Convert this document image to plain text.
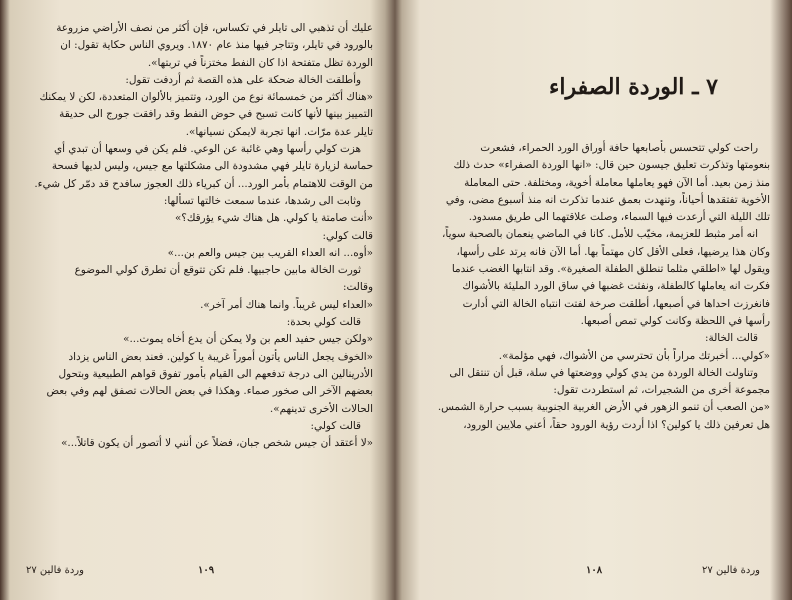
عليك أن تذهبي الى تايلر في تكساس، فإن أكثر من نصف الأراضي مزروعة
بالورود في تايلر، وتتاجر فيها منذ عام ١٨٧٠. ويروي الناس حكاية تقول: ان
الوردة تظل متفتحة اذا كان النفط مختزناً في تربتها».
وأطلقت الخالة ضحكة على هذه القصة ثم أردفت تقول:
«هناك أكثر من خمسمائة نوع من الورد، وتتميز بالألوان المتعددة، لكن لا يمكنك
التمييز بينها لأنها كانت تسبح في حوض النفط وقد رافقت جورج الى حديقة
تايلر عدة مرّات. انها تجربة لايمكن نسيانها».
هزت كولي رأسها وهي غائبة عن الوعي. فلم يكن في وسعها أن تبدي أي
حماسة لزيارة تايلر فهي مشدودة الى مشكلتها مع جيس، وليس لديها فسحة
من الوقت للاهتمام بأمر الورد... أن كبرياء ذلك العجوز سافدح قد دمّر كل شيء.
وثابت الى رشدها، عندما سمعت خالتها تسألها:
«أنت صامتة يا كولي. هل هناك شيء يؤرقك؟»
قالت كولي:
«أوه... انه العداء القريب بين جيس والعم بن...»
ثورت الخالة مابين حاجبيها. فلم تكن تتوقع أن تطرق كولي الموضوع
وقالت:
«العداء ليس غريباً. وانما هناك أمر آخر».
قالت كولي بحدة:
«ولكن جيس حفيد العم بن ولا يمكن أن يدع أخاه يموت...»
«الخوف يجعل الناس يأتون أموراً غريبة يا كولين. فعند بعض الناس يزداد
الأدرينالين الى درجة تدفعهم الى القيام بأمور تفوق قواهم الطبيعية وبتحول
بعضهم الآخر الى صخور صماء. وهكذا في بعض الحالات تصفق لهم وفي بعض
الحالات الأخرى تدينهم».
قالت كولي:
«لا أعتقد أن جيس شخص جبان، فضلاً عن أنني لا أتصور أن يكون قاتلاً...»
١٠٩
وردة فالين ٢٧
٧ ـ الوردة الصفراء
راحت كولي تتحسس بأصابعها حافة أوراق الورد الحمراء، فشعرت
بنعومتها وتذكرت تعليق جيسون حين قال: «انها الوردة الصفراء» حدث ذلك
منذ زمن بعيد. أما الآن فهو يعاملها معاملة أخوية، ومختلفة. حتى المعاملة
الأخوية تفتقدها أحياناً، وتنهدت بعمق عندما تذكرت انه منذ أسبوع مضى، وفي
تلك الليلة التي أرعدت فيها السماء، وصلت علاقتهما الى طريق مسدود.
انه أمر مثبط للعزيمة، مخيّب للأمل. كانا في الماضي ينعمان بالصحبة سوياً،
وكان هذا يرضيها، فعلى الأقل كان مهتماً بها. أما الآن فانه يرتد على رأسها،
ويقول لها «اطلقي مثلما تنطلق الطفلة الصغيرة». وقد انتابها الغضب عندما
فكرت انه يعاملها كالطفلة، ونفثت غضبها في ساق الورد المليئة بالأشواك
فانغرزت احداها في أصبعها، أطلقت صرخة لفتت انتباه الخالة التي أدارت
رأسها في اللحظة وكانت كولي تمص أصبعها.
قالت الخالة:
«كولي... أخبرتك مراراً بأن تحترسي من الأشواك، فهي مؤلمة».
وتناولت الخالة الوردة من يدي كولي ووضعتها في سلة، قبل أن تنتقل الى
مجموعة أخرى من الشجيرات، ثم استطردت تقول:
«من الصعب أن تنمو الزهور في الأرض الغربية الجنوبية بسبب حرارة الشمس.
هل تعرفين ذلك يا كولين؟ اذا أردت رؤية الورود حقاً، أعني ملايين الورود،
١٠٨	وردة فالين ٢٧
